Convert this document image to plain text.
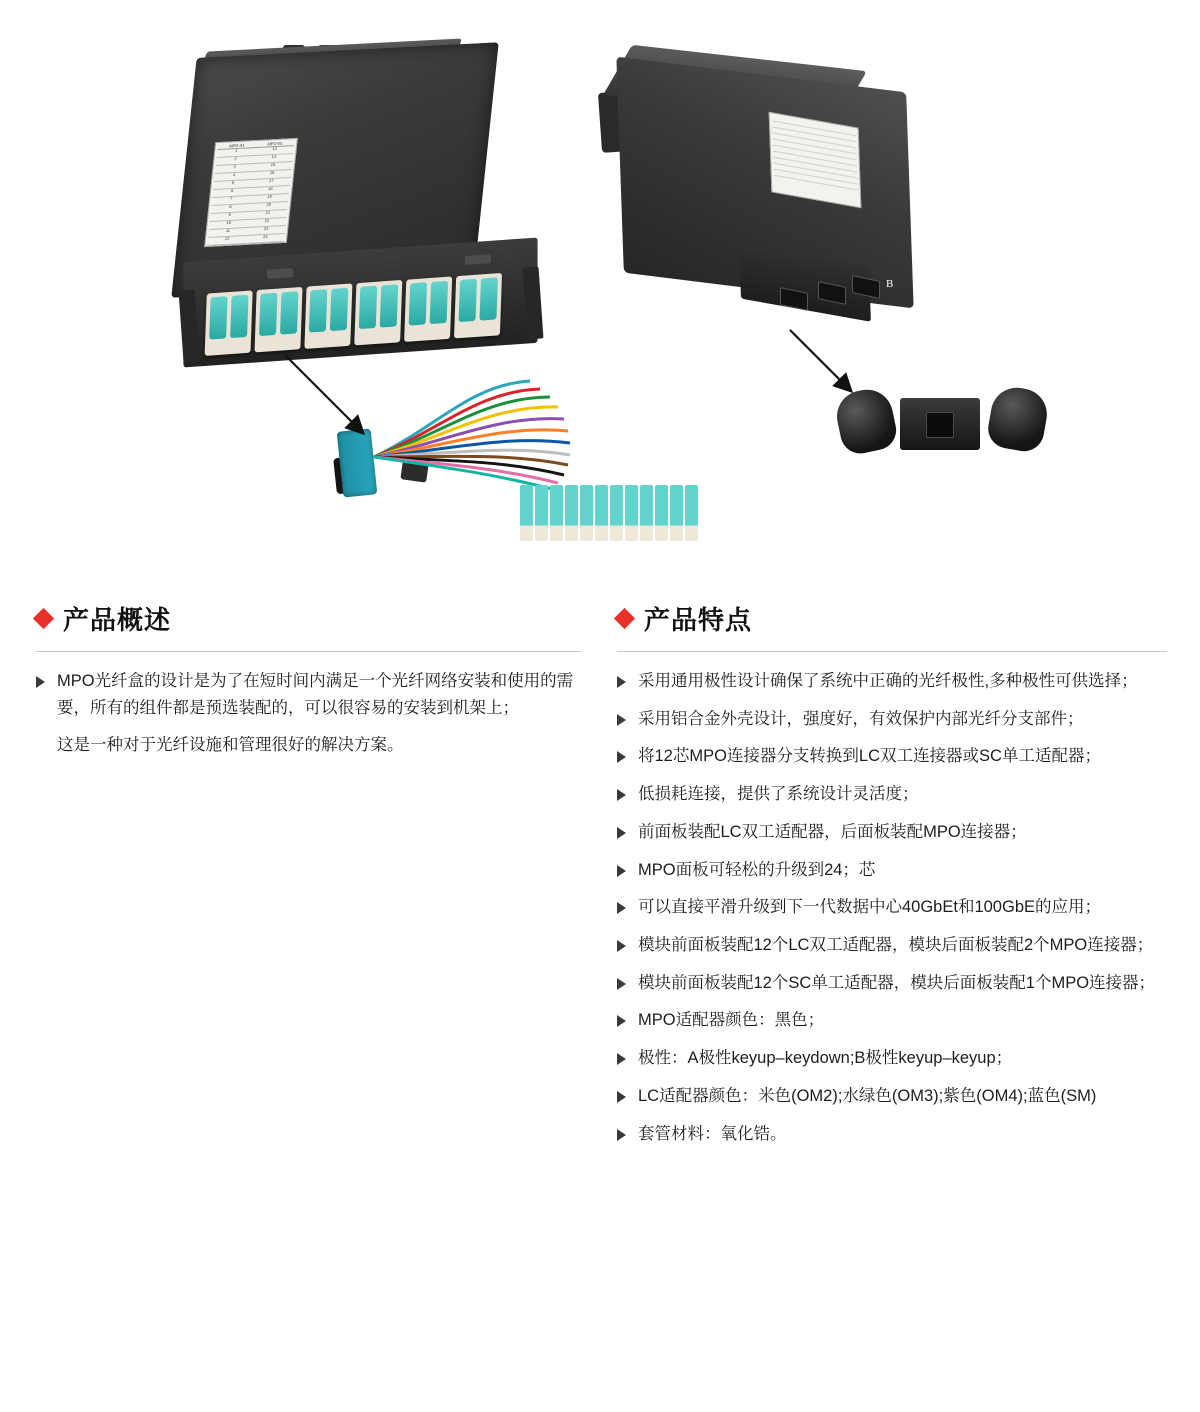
MPO-A1	MPO-B1
1
2
3
4
5
6
7
8
9
10
11
12
13
14
15
16
17
18
19
20
21
22
23
24
A
B
产品概述
MPO光纤盒的设计是为了在短时间内满足一个光纤网络安装和使用的需要，所有的组件都是预选装配的，可以很容易的安装到机架上；
这是一种对于光纤设施和管理很好的解决方案。
产品特点
采用通用极性设计确保了系统中正确的光纤极性,多种极性可供选择；
采用铝合金外壳设计，强度好，有效保护内部光纤分支部件；
将12芯MPO连接器分支转换到LC双工连接器或SC单工适配器；
低损耗连接，提供了系统设计灵活度；
前面板装配LC双工适配器，后面板装配MPO连接器；
MPO面板可轻松的升级到24；芯
可以直接平滑升级到下一代数据中心40GbEt和100GbE的应用；
模块前面板装配12个LC双工适配器，模块后面板装配2个MPO连接器；
模块前面板装配12个SC单工适配器，模块后面板装配1个MPO连接器；
MPO适配器颜色：黑色；
极性：A极性keyup–keydown;B极性keyup–keyup；
LC适配器颜色：米色(OM2);水绿色(OM3);紫色(OM4);蓝色(SM)
套管材料：氧化锆。
